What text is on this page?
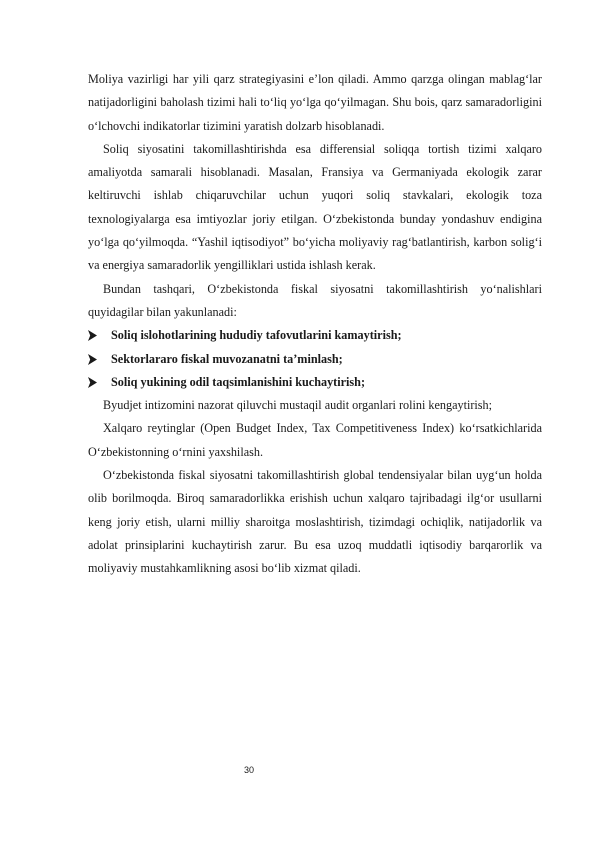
Moliya vazirligi har yili qarz strategiyasini e’lon qiladi. Ammo qarzga olingan mablag‘lar natijadorligini baholash tizimi hali to‘liq yo‘lga qo‘yilmagan. Shu bois, qarz samaradorligini o‘lchovchi indikatorlar tizimini yaratish dolzarb hisoblanadi.

Soliq siyosatini takomillashtirishda esa differensial soliqqa tortish tizimi xalqaro amaliyotda samarali hisoblanadi. Masalan, Fransiya va Germaniyada ekologik zarar keltiruvchi ishlab chiqaruvchilar uchun yuqori soliq stavkalari, ekologik toza texnologiyalarga esa imtiyozlar joriy etilgan. O‘zbekistonda bunday yondashuv endigina yo‘lga qo‘yilmoqda. “Yashil iqtisodiyot” bo‘yicha moliyaviy rag‘batlantirish, karbon solig‘i va energiya samaradorlik yengilliklari ustida ishlash kerak.

Bundan tashqari, O‘zbekistonda fiskal siyosatni takomillashtirish yo‘nalishlari quyidagilar bilan yakunlanadi:

Soliq islohotlarining hududiy tafovutlarini kamaytirish;
Sektorlararo fiskal muvozanatni ta’minlash;
Soliq yukining odil taqsimlanishini kuchaytirish;

Byudjet intizomini nazorat qiluvchi mustaqil audit organlari rolini kengaytirish;

Xalqaro reytinglar (Open Budget Index, Tax Competitiveness Index) ko‘rsatkichlarida O‘zbekistonning o‘rnini yaxshilash.

O‘zbekistonda fiskal siyosatni takomillashtirish global tendensiyalar bilan uyg‘un holda olib borilmoqda. Biroq samaradorlikka erishish uchun xalqaro tajribadagi ilg‘or usullarni keng joriy etish, ularni milliy sharoitga moslashtirish, tizimdagi ochiqlik, natijadorlik va adolat prinsiplarini kuchaytirish zarur. Bu esa uzoq muddatli iqtisodiy barqarorlik va moliyaviy mustahkamlikning asosi bo‘lib xizmat qiladi.

30
